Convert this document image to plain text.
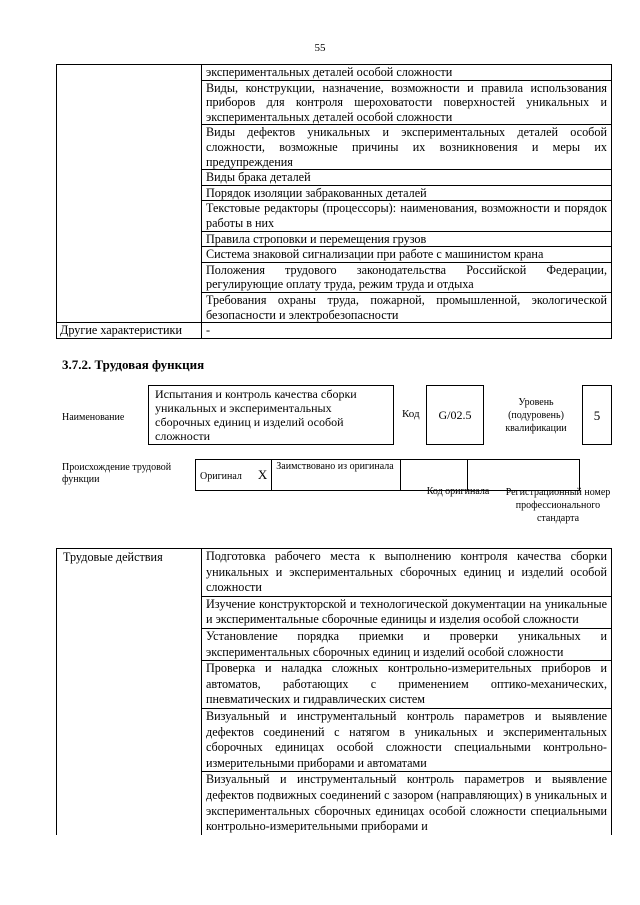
55
	экспериментальных деталей особой сложности
	Виды, конструкции, назначение, возможности и правила использования приборов для контроля шероховатости поверхностей уникальных и экспериментальных деталей особой сложности
	Виды дефектов уникальных и экспериментальных деталей особой сложности, возможные причины их возникновения и меры их предупреждения
	Виды брака деталей
	Порядок изоляции забракованных деталей
	Текстовые редакторы (процессоры): наименования, возможности и порядок работы в них
	Правила строповки и перемещения грузов
	Система знаковой сигнализации при работе с машинистом крана
	Положения трудового законодательства Российской Федерации, регулирующие оплату труда, режим труда и отдыха
	Требования охраны труда, пожарной, промышленной, экологической безопасности и электробезопасности
Другие характеристики	-
3.7.2. Трудовая функция
Наименование
Испытания и контроль качества сборки уникальных и экспериментальных сборочных единиц и изделий особой сложности
Код	G/02.5
Уровень (подуровень) квалификации
5
Происхождение трудовой функции	Оригинал X	Заимствовано из оригинала		
Код оригинала Регистрационный номер профессионального стандарта
Трудовые действия	Подготовка рабочего места к выполнению контроля качества сборки уникальных и экспериментальных сборочных единиц и изделий особой сложности
Изучение конструкторской и технологической документации на уникальные и экспериментальные сборочные единицы и изделия особой сложности
Установление порядка приемки и проверки уникальных и экспериментальных сборочных единиц и изделий особой сложности
Проверка и наладка сложных контрольно-измерительных приборов и автоматов, работающих с применением оптико-механических, пневматических и гидравлических систем
Визуальный и инструментальный контроль параметров и выявление дефектов соединений с натягом в уникальных и экспериментальных сборочных единицах особой сложности специальными контрольно-измерительными приборами и автоматами
Визуальный и инструментальный контроль параметров и выявление дефектов подвижных соединений с зазором (направляющих) в уникальных и экспериментальных сборочных единицах особой сложности специальными контрольно-измерительными приборами и
